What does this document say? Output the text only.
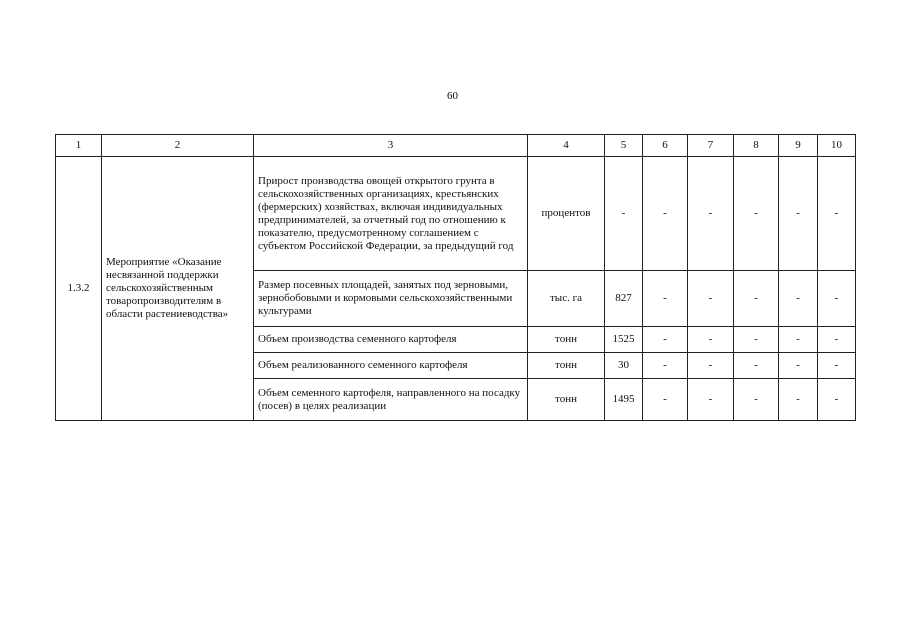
60
1	2	3	4	5	6	7	8	9	10
1.3.2	Мероприятие «Оказание несвязанной поддержки сельскохозяйственным товаропроизводителям в области растениеводства»	Прирост производства овощей открытого грунта в сельскохозяйственных организациях, крестьянских (фермерских) хозяйствах, включая индивидуальных предпринимателей, за отчетный год по отношению к показателю, предусмотренному соглашением с субъектом Российской Федерации, за предыдущий год	процентов	-	-	-	-	-	-
		Размер посевных площадей, занятых под зерновыми, зернобобовыми и кормовыми сельскохозяйственными культурами	тыс. га	827	-	-	-	-	-
		Объем производства семенного картофеля	тонн	1525	-	-	-	-	-
		Объем реализованного семенного картофеля	тонн	30	-	-	-	-	-
		Объем семенного картофеля, направленного на посадку (посев) в целях реализации	тонн	1495	-	-	-	-	-
